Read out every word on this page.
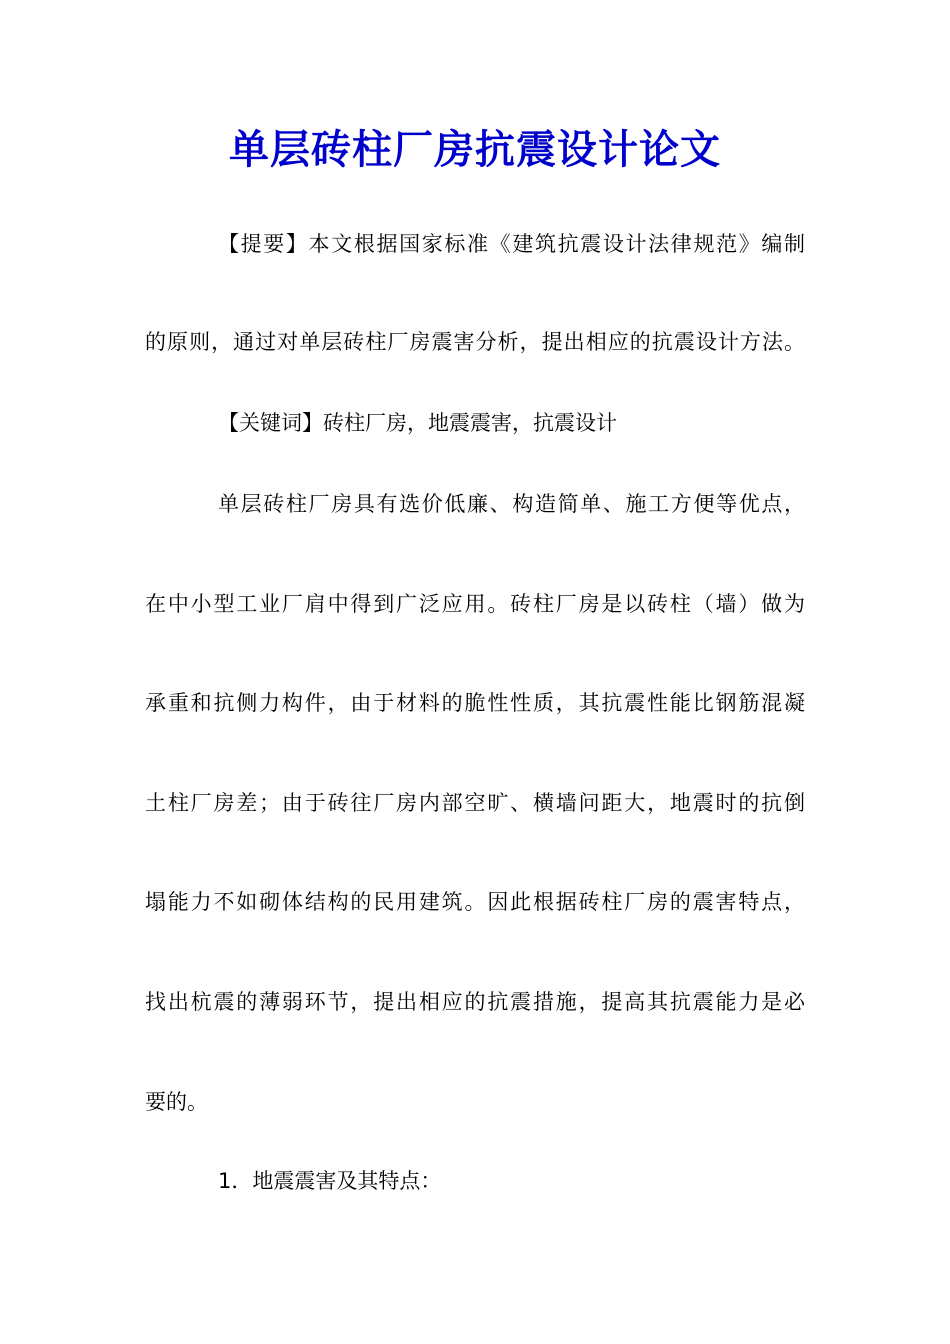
单层砖柱厂房抗震设计论文

【提要】本文根据国家标准《建筑抗震设计法律规范》编制

的原则，通过对单层砖柱厂房震害分析，提出相应的抗震设计方法。

【关键词】砖柱厂房，地震震害，抗震设计

单层砖柱厂房具有选价低廉、构造简单、施工方便等优点，

在中小型工业厂肩中得到广泛应用。砖柱厂房是以砖柱（墙）做为

承重和抗侧力构件，由于材料的脆性性质，其抗震性能比钢筋混凝

土柱厂房差；由于砖往厂房内部空旷、横墙问距大，地震时的抗倒

塌能力不如砌体结构的民用建筑。因此根据砖柱厂房的震害特点，

找出杭震的薄弱环节，提出相应的抗震措施，提高其抗震能力是必

要的。

1．地震震害及其特点：
